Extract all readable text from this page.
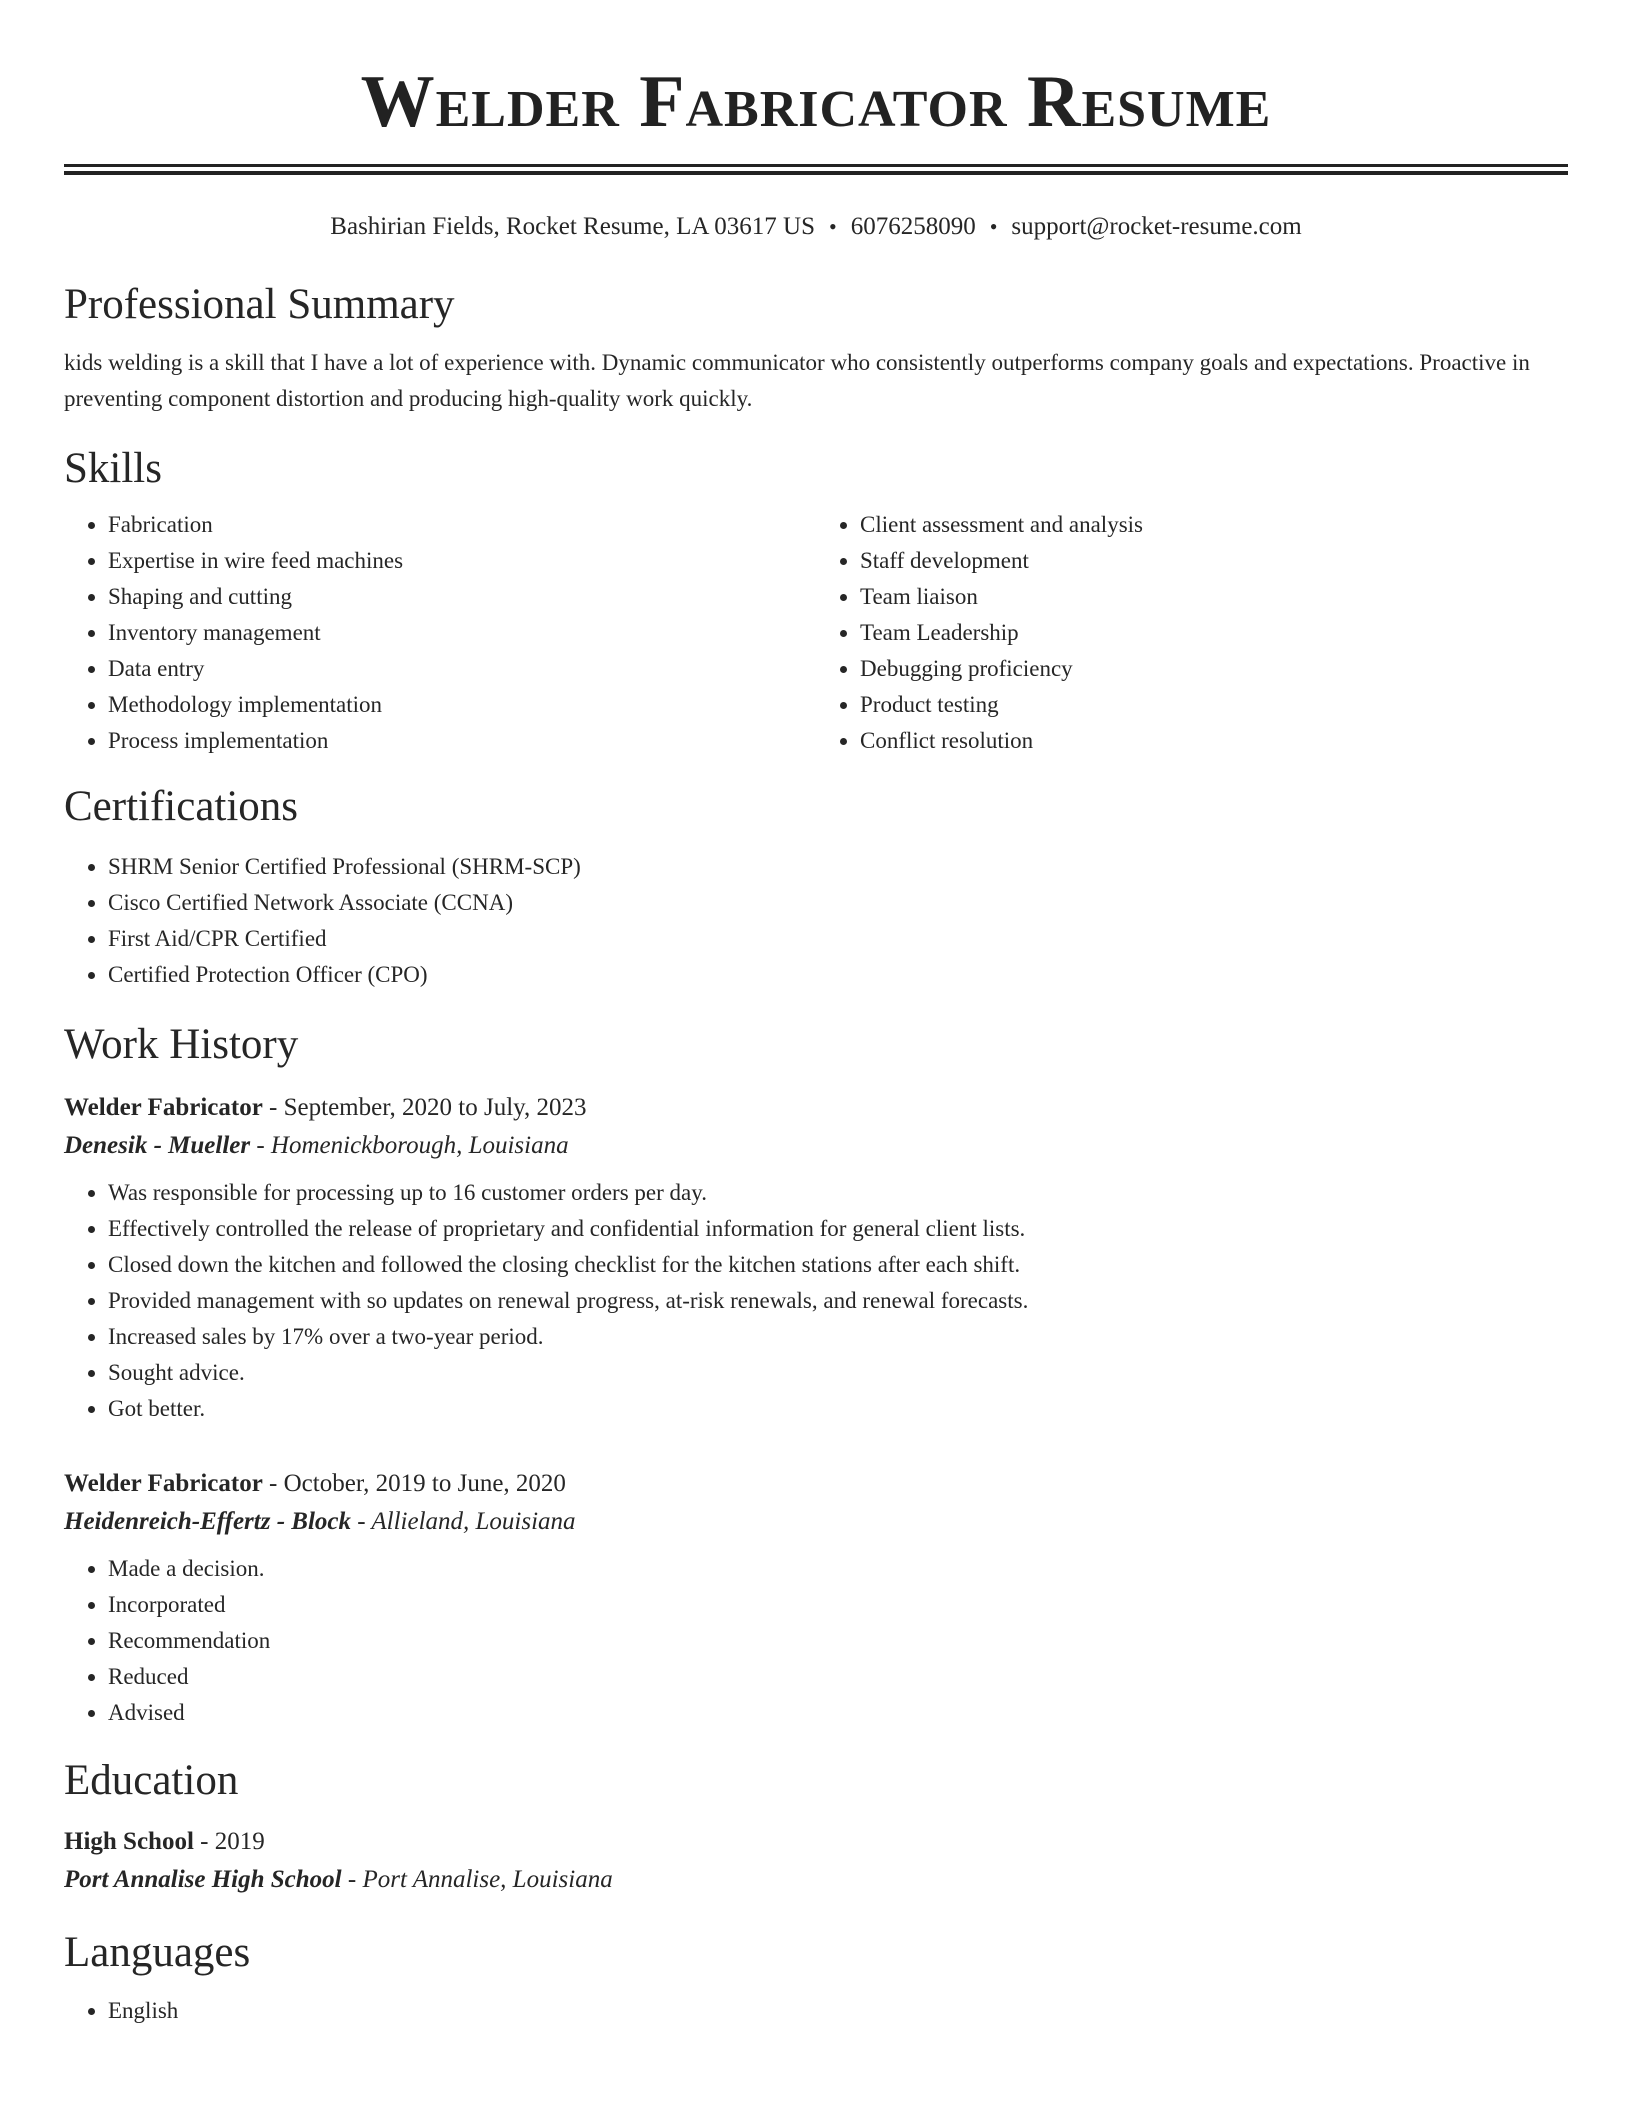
Welder Fabricator Resume
Bashirian Fields, Rocket Resume, LA 03617 US • 6076258090 • support@rocket-resume.com
Professional Summary

kids welding is a skill that I have a lot of experience with. Dynamic communicator who consistently outperforms company goals and expectations. Proactive in preventing component distortion and producing high-quality work quickly.

Skills
• Fabrication
• Expertise in wire feed machines
• Shaping and cutting
• Inventory management
• Data entry
• Methodology implementation
• Process implementation
• Client assessment and analysis
• Staff development
• Team liaison
• Team Leadership
• Debugging proficiency
• Product testing
• Conflict resolution
Certifications
• SHRM Senior Certified Professional (SHRM-SCP)
• Cisco Certified Network Associate (CCNA)
• First Aid/CPR Certified
• Certified Protection Officer (CPO)
Work History
Welder Fabricator - September, 2020 to July, 2023
Denesik - Mueller - Homenickborough, Louisiana
• Was responsible for processing up to 16 customer orders per day.
• Effectively controlled the release of proprietary and confidential information for general client lists.
• Closed down the kitchen and followed the closing checklist for the kitchen stations after each shift.
• Provided management with so updates on renewal progress, at-risk renewals, and renewal forecasts.
• Increased sales by 17% over a two-year period.
• Sought advice.
• Got better.
Welder Fabricator - October, 2019 to June, 2020
Heidenreich-Effertz - Block - Allieland, Louisiana
• Made a decision.
• Incorporated
• Recommendation
• Reduced
• Advised
Education
High School - 2019
Port Annalise High School - Port Annalise, Louisiana
Languages
• English
